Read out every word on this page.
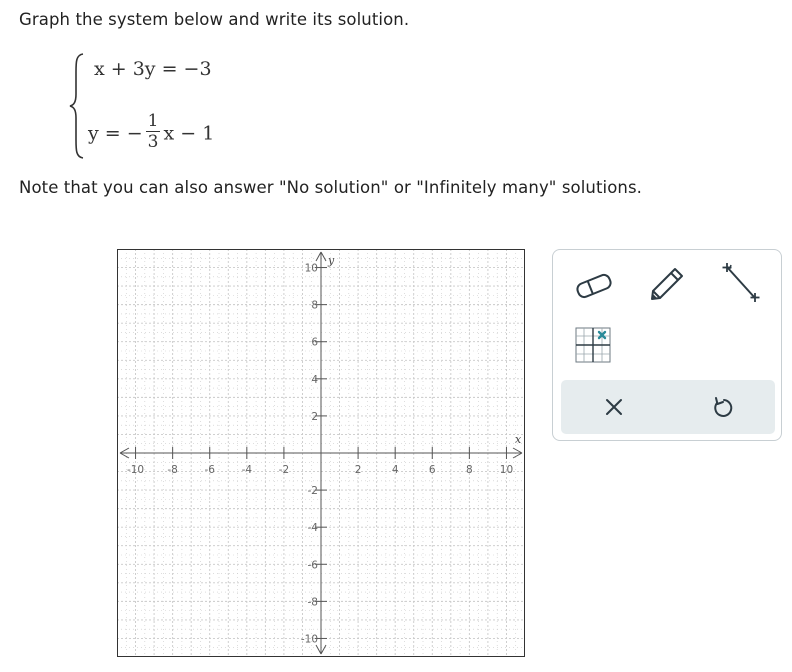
Graph the system below and write its solution.
x + 3y = −3
y = − $\frac{1}{3}$ x − 1
Note that you can also answer "No solution" or "Infinitely many" solutions.
x
y
-10 -8	-6	-4	-2	2	4	6	8	10
10
8
6
4
2
-2
-4
-6
-8
-10
